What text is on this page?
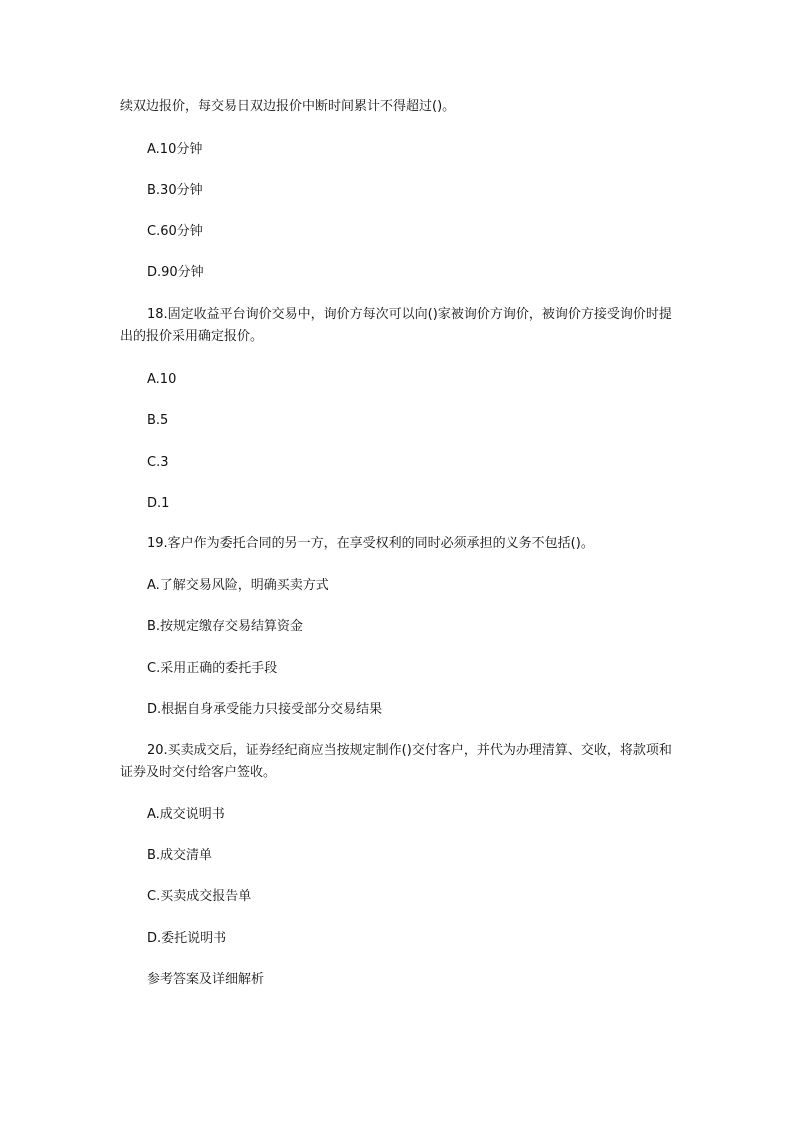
续双边报价，每交易日双边报价中断时间累计不得超过()。
A.10分钟
B.30分钟
C.60分钟
D.90分钟
18.固定收益平台询价交易中，询价方每次可以向()家被询价方询价，被询价方接受询价时提出的报价采用确定报价。
A.10
B.5
C.3
D.1
19.客户作为委托合同的另一方，在享受权利的同时必须承担的义务不包括()。
A.了解交易风险，明确买卖方式
B.按规定缴存交易结算资金
C.采用正确的委托手段
D.根据自身承受能力只接受部分交易结果
20.买卖成交后，证券经纪商应当按规定制作()交付客户，并代为办理清算、交收，将款项和证券及时交付给客户签收。
A.成交说明书
B.成交清单
C.买卖成交报告单
D.委托说明书
参考答案及详细解析
